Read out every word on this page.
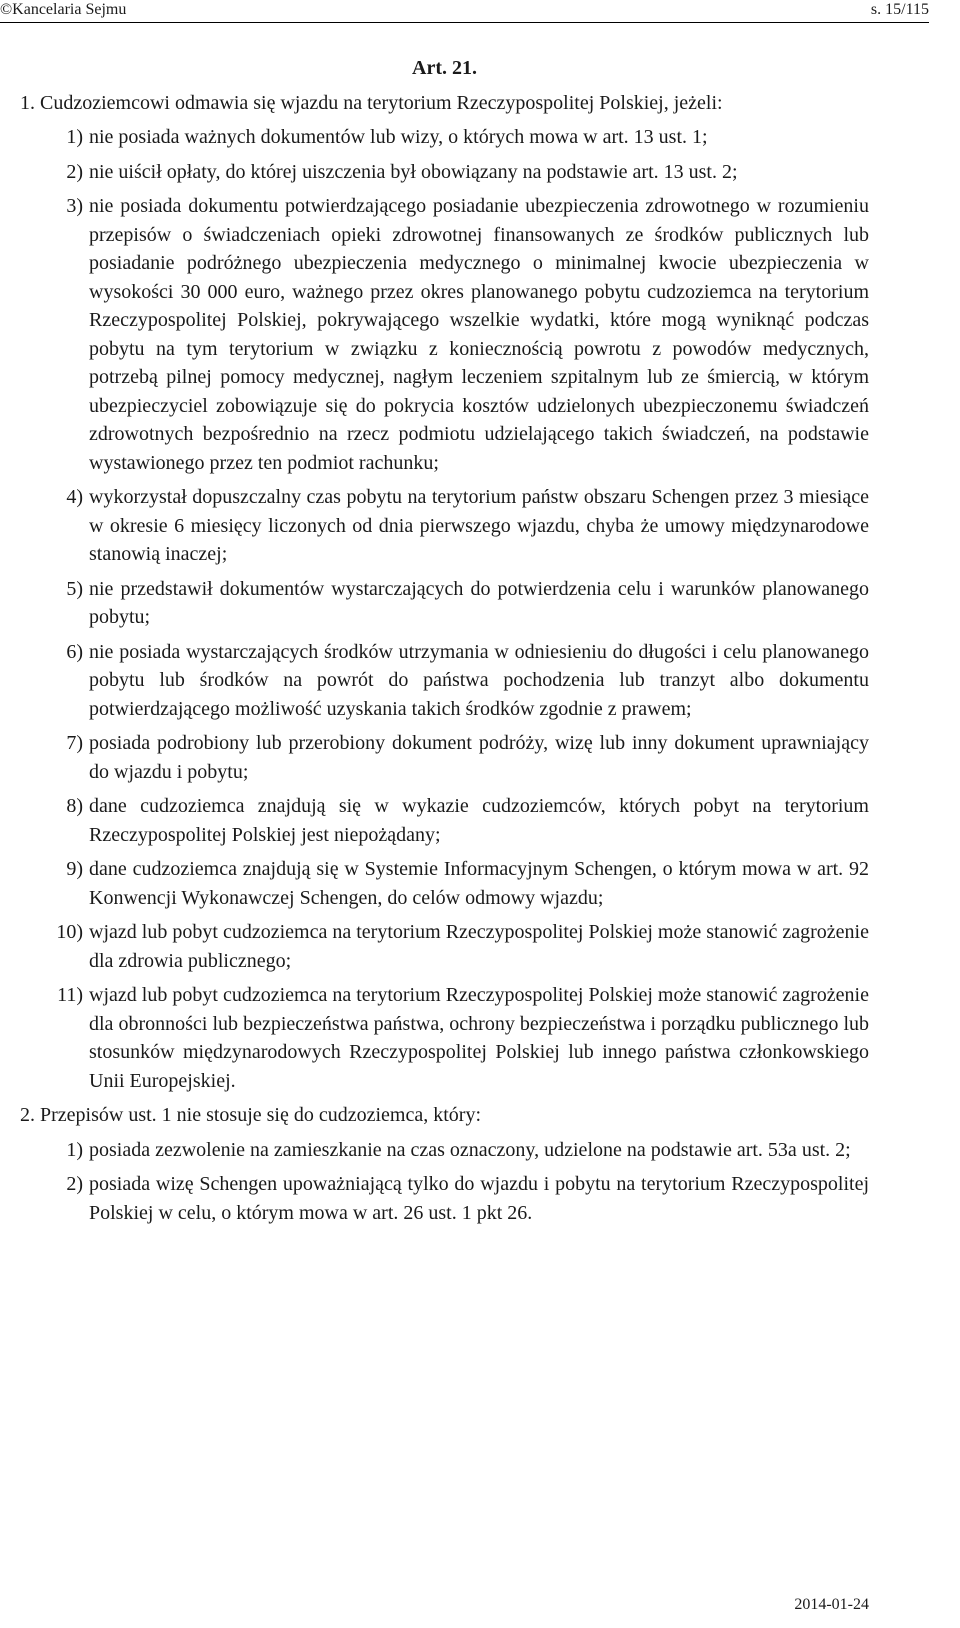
©Kancelaria Sejmu	s. 15/115
Art. 21.
1. Cudzoziemcowi odmawia się wjazdu na terytorium Rzeczypospolitej Polskiej, jeżeli:
1) nie posiada ważnych dokumentów lub wizy, o których mowa w art. 13 ust. 1;
2) nie uiścił opłaty, do której uiszczenia był obowiązany na podstawie art. 13 ust. 2;
3) nie posiada dokumentu potwierdzającego posiadanie ubezpieczenia zdrowotnego w rozumieniu przepisów o świadczeniach opieki zdrowotnej finansowanych ze środków publicznych lub posiadanie podróżnego ubezpieczenia medycznego o minimalnej kwocie ubezpieczenia w wysokości 30 000 euro, ważnego przez okres planowanego pobytu cudzoziemca na terytorium Rzeczypospolitej Polskiej, pokrywającego wszelkie wydatki, które mogą wyniknąć podczas pobytu na tym terytorium w związku z koniecznością powrotu z powodów medycznych, potrzebą pilnej pomocy medycznej, nagłym leczeniem szpitalnym lub ze śmiercią, w którym ubezpieczyciel zobowiązuje się do pokrycia kosztów udzielonych ubezpieczonemu świadczeń zdrowotnych bezpośrednio na rzecz podmiotu udzielającego takich świadczeń, na podstawie wystawionego przez ten podmiot rachunku;
4) wykorzystał dopuszczalny czas pobytu na terytorium państw obszaru Schengen przez 3 miesiące w okresie 6 miesięcy liczonych od dnia pierwszego wjazdu, chyba że umowy międzynarodowe stanowią inaczej;
5) nie przedstawił dokumentów wystarczających do potwierdzenia celu i warunków planowanego pobytu;
6) nie posiada wystarczających środków utrzymania w odniesieniu do długości i celu planowanego pobytu lub środków na powrót do państwa pochodzenia lub tranzyt albo dokumentu potwierdzającego możliwość uzyskania takich środków zgodnie z prawem;
7) posiada podrobiony lub przerobiony dokument podróży, wizę lub inny dokument uprawniający do wjazdu i pobytu;
8) dane cudzoziemca znajdują się w wykazie cudzoziemców, których pobyt na terytorium Rzeczypospolitej Polskiej jest niepożądany;
9) dane cudzoziemca znajdują się w Systemie Informacyjnym Schengen, o którym mowa w art. 92 Konwencji Wykonawczej Schengen, do celów odmowy wjazdu;
10) wjazd lub pobyt cudzoziemca na terytorium Rzeczypospolitej Polskiej może stanowić zagrożenie dla zdrowia publicznego;
11) wjazd lub pobyt cudzoziemca na terytorium Rzeczypospolitej Polskiej może stanowić zagrożenie dla obronności lub bezpieczeństwa państwa, ochrony bezpieczeństwa i porządku publicznego lub stosunków międzynarodowych Rzeczypospolitej Polskiej lub innego państwa członkowskiego Unii Europejskiej.
2. Przepisów ust. 1 nie stosuje się do cudzoziemca, który:
1) posiada zezwolenie na zamieszkanie na czas oznaczony, udzielone na podstawie art. 53a ust. 2;
2) posiada wizę Schengen upoważniającą tylko do wjazdu i pobytu na terytorium Rzeczypospolitej Polskiej w celu, o którym mowa w art. 26 ust. 1 pkt 26.
2014-01-24
